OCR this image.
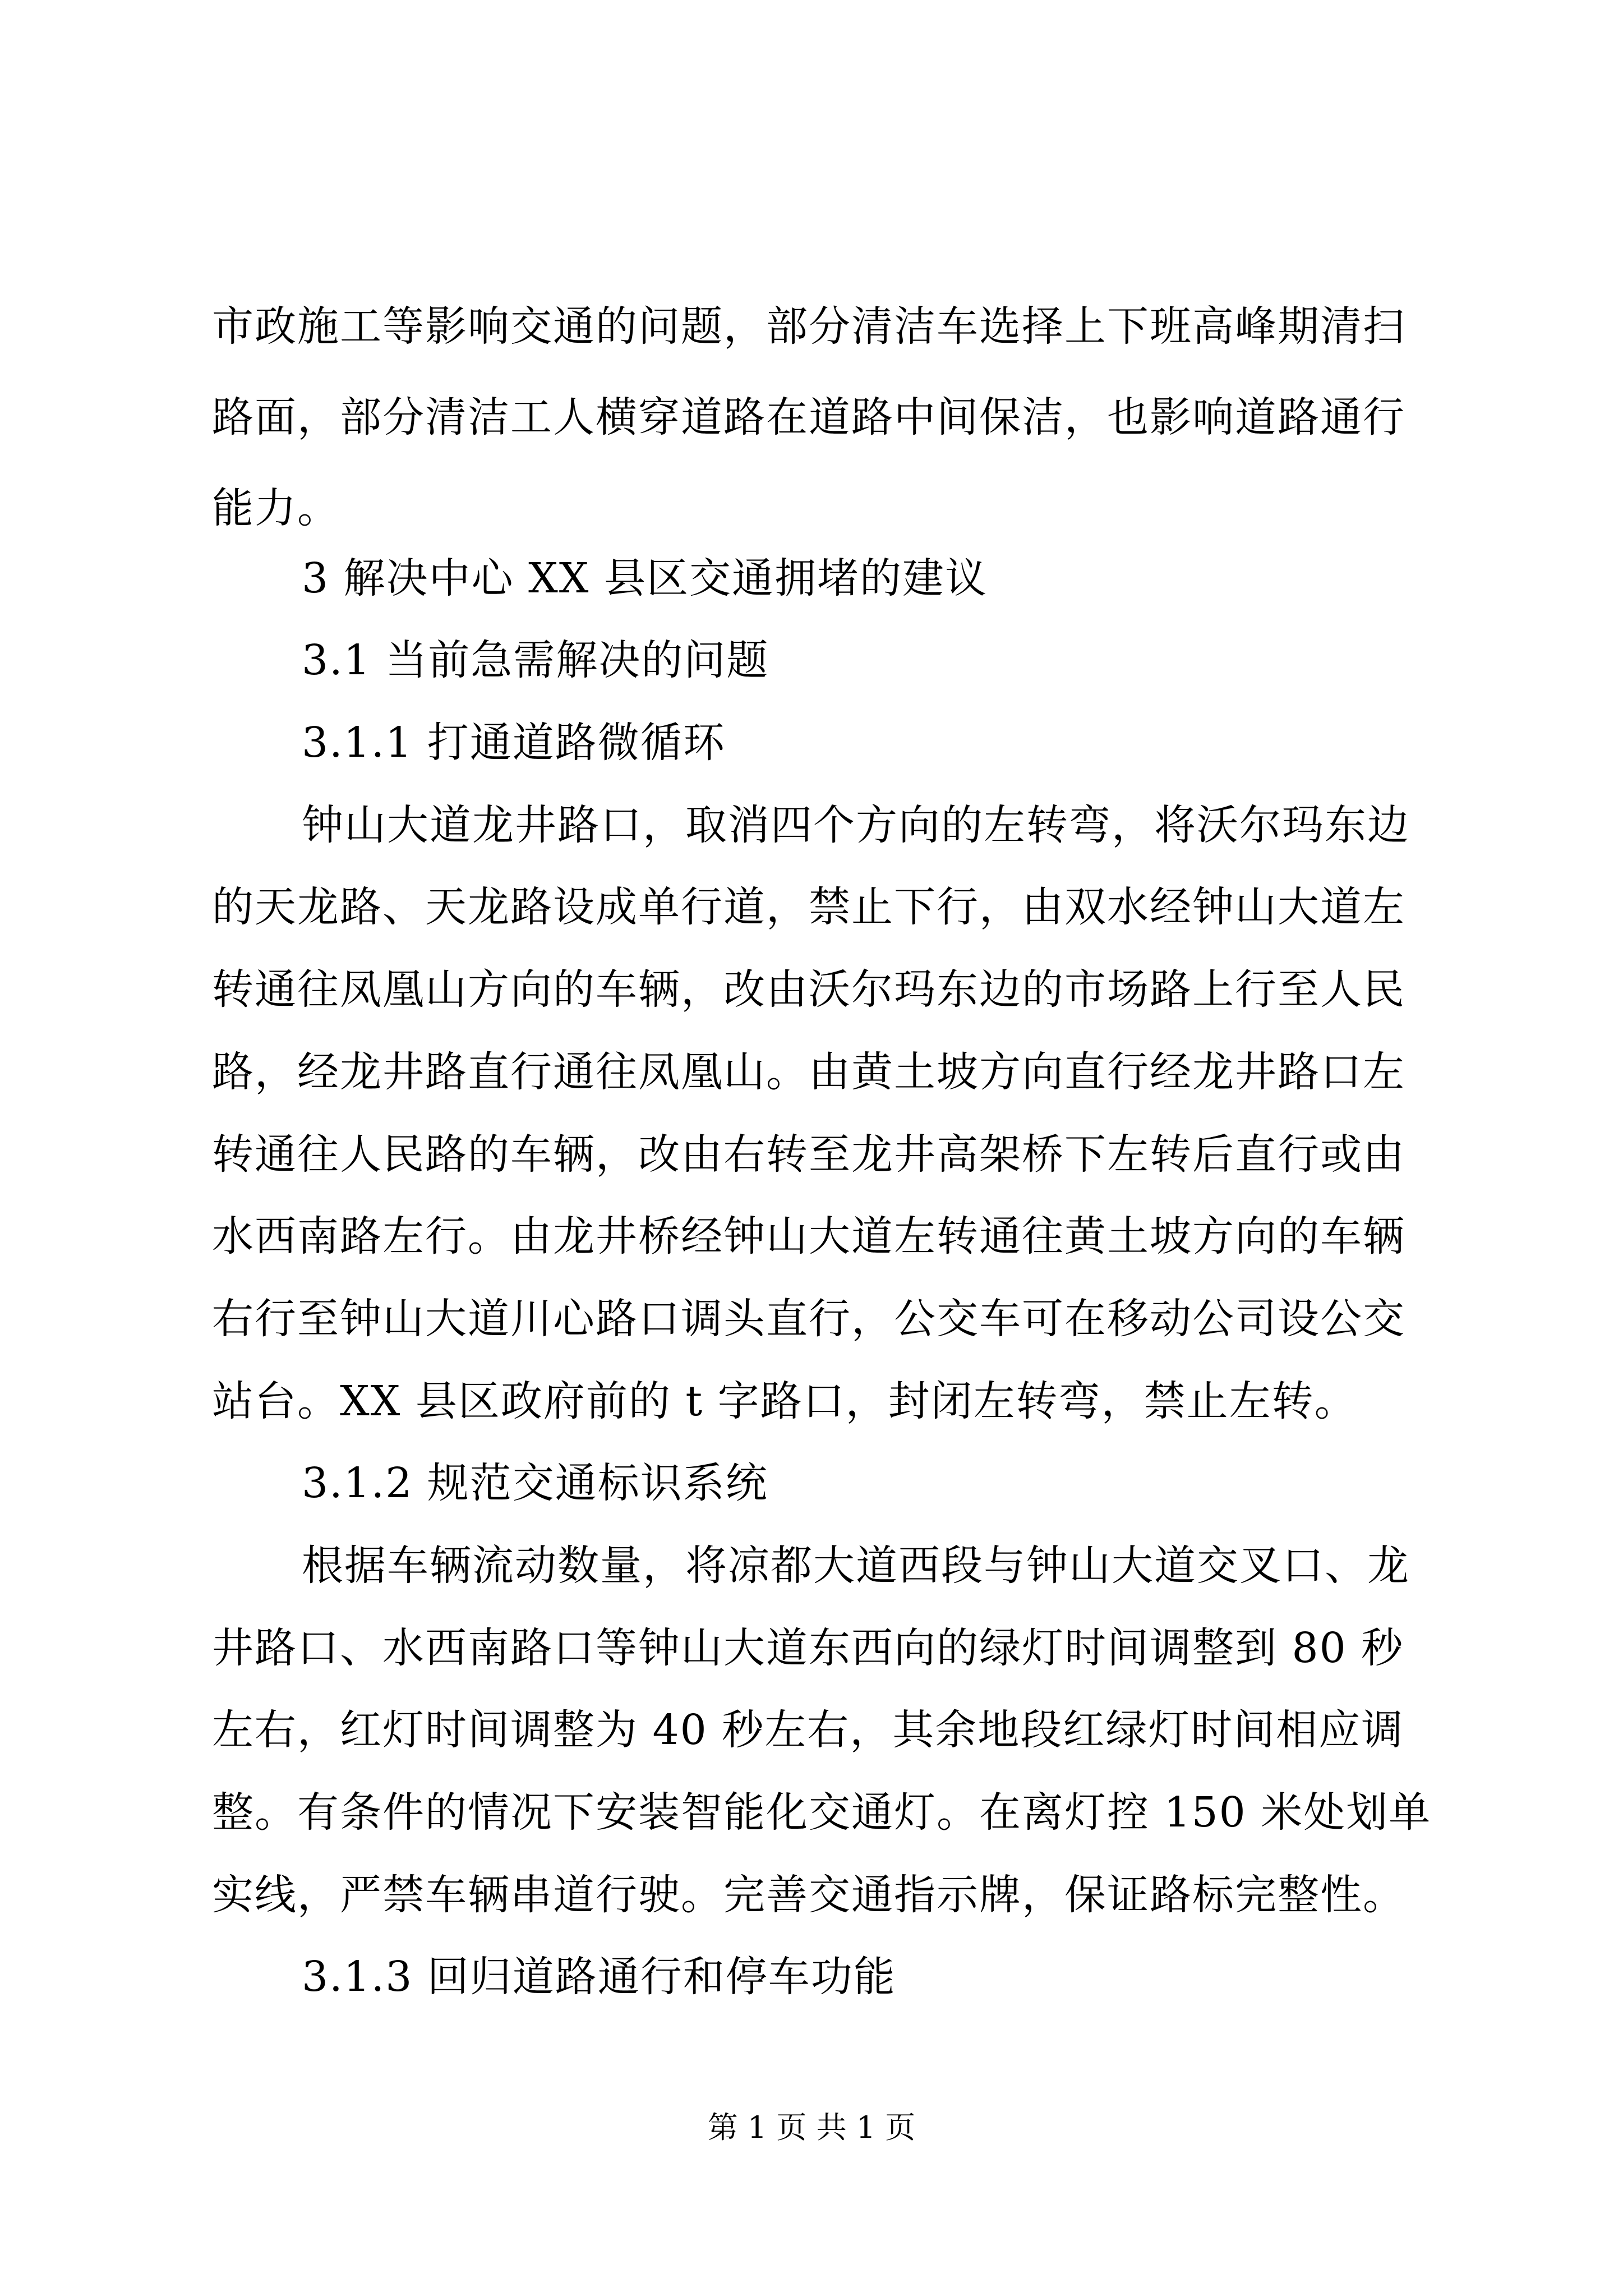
市政施工等影响交通的问题，部分清洁车选择上下班高峰期清扫
路面，部分清洁工人横穿道路在道路中间保洁，也影响道路通行
能力。
3 解决中心 XX 县区交通拥堵的建议
3.1 当前急需解决的问题
3.1.1 打通道路微循环
钟山大道龙井路口，取消四个方向的左转弯，将沃尔玛东边
的天龙路、天龙路设成单行道，禁止下行，由双水经钟山大道左
转通往凤凰山方向的车辆，改由沃尔玛东边的市场路上行至人民
路，经龙井路直行通往凤凰山。由黄土坡方向直行经龙井路口左
转通往人民路的车辆，改由右转至龙井高架桥下左转后直行或由
水西南路左行。由龙井桥经钟山大道左转通往黄土坡方向的车辆
右行至钟山大道川心路口调头直行，公交车可在移动公司设公交
站台。XX 县区政府前的 t 字路口，封闭左转弯，禁止左转。
3.1.2 规范交通标识系统
根据车辆流动数量，将凉都大道西段与钟山大道交叉口、龙
井路口、水西南路口等钟山大道东西向的绿灯时间调整到 80 秒
左右，红灯时间调整为 40 秒左右，其余地段红绿灯时间相应调
整。有条件的情况下安装智能化交通灯。在离灯控 150 米处划单
实线，严禁车辆串道行驶。完善交通指示牌，保证路标完整性。
3.1.3 回归道路通行和停车功能
第 1 页 共 1 页
